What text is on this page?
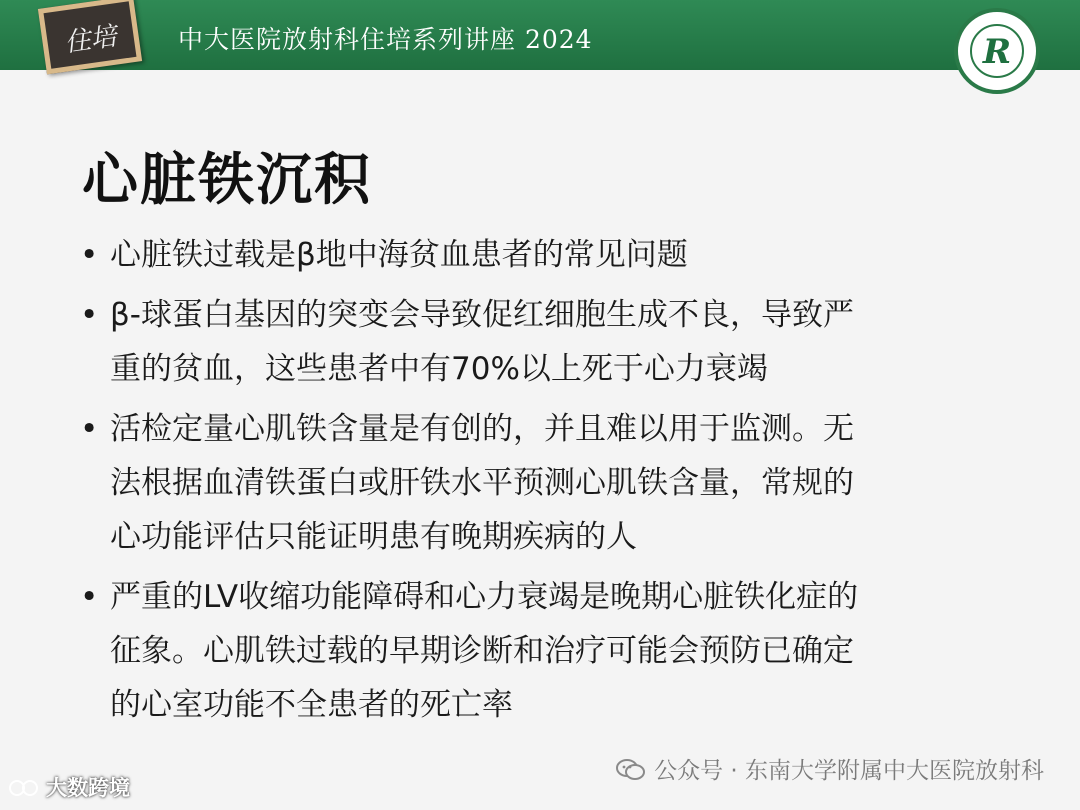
住培	中大医院放射科住培系列讲座 2024	R
心脏铁沉积
• 心脏铁过载是β地中海贫血患者的常见问题
• β-球蛋白基因的突变会导致促红细胞生成不良，导致严
重的贫血，这些患者中有70%以上死于心力衰竭
• 活检定量心肌铁含量是有创的，并且难以用于监测。无
法根据血清铁蛋白或肝铁水平预测心肌铁含量，常规的
心功能评估只能证明患有晚期疾病的人
• 严重的LV收缩功能障碍和心力衰竭是晚期心脏铁化症的
征象。心肌铁过载的早期诊断和治疗可能会预防已确定
的心室功能不全患者的死亡率
公众号 · 东南大学附属中大医院放射科
大数跨境
